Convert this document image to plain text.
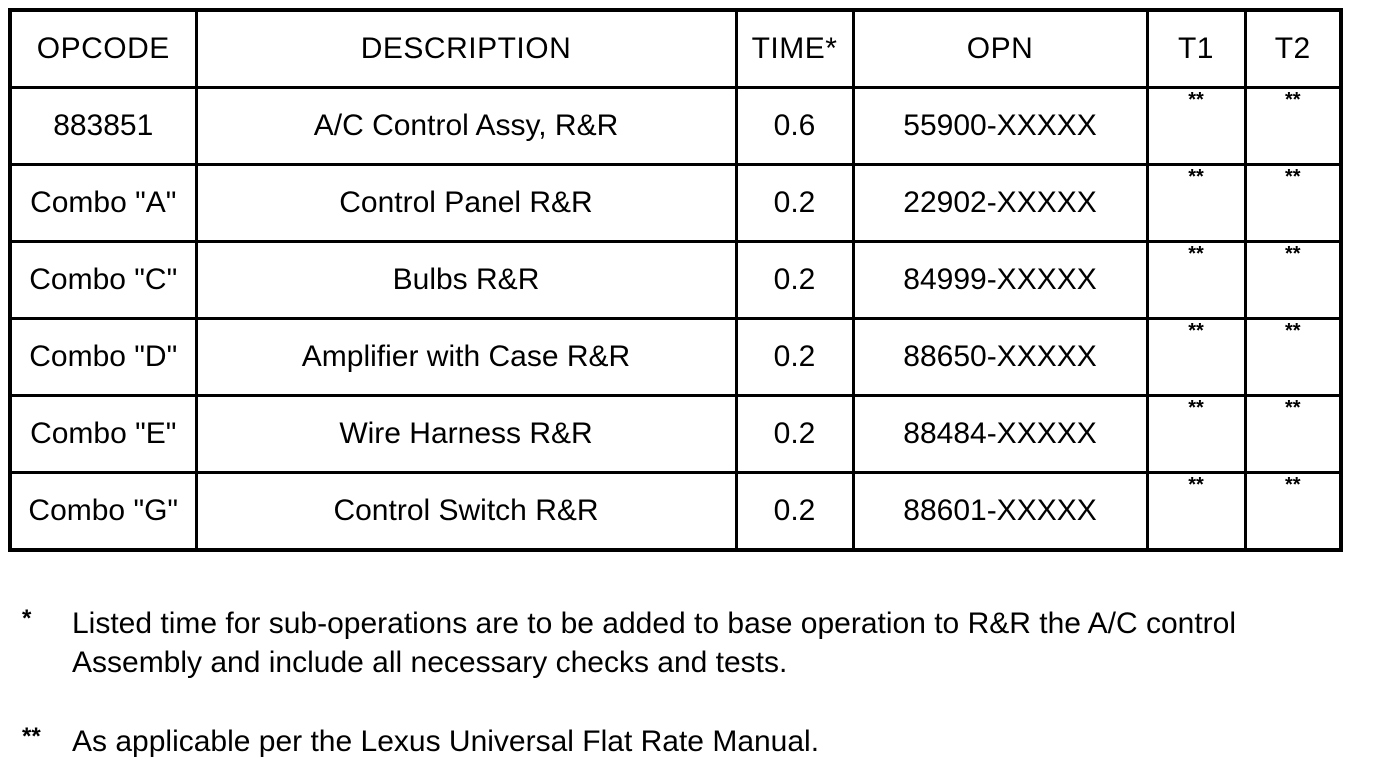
OPCODE	DESCRIPTION	TIME*	OPN	T1	T2
883851	A/C Control Assy, R&R	0.6	55900-XXXXX	**	**
Combo "A"	Control Panel R&R	0.2	22902-XXXXX	**	**
Combo "C"	Bulbs R&R	0.2	84999-XXXXX	**	**
Combo "D"	Amplifier with Case R&R	0.2	88650-XXXXX	**	**
Combo "E"	Wire Harness R&R	0.2	88484-XXXXX	**	**
Combo "G"	Control Switch R&R	0.2	88601-XXXXX	**	**
*	Listed time for sub-operations are to be added to base operation to R&R the A/C control Assembly and include all necessary checks and tests.
**	As applicable per the Lexus Universal Flat Rate Manual.
